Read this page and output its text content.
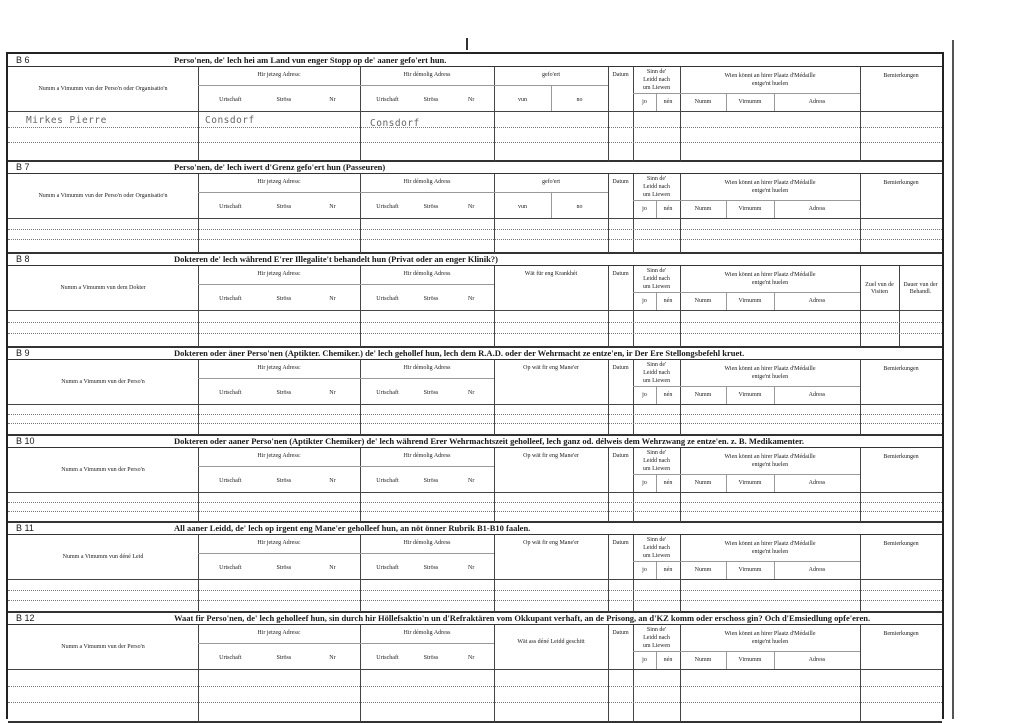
B 6	Perso'nen, de' lech hei am Land vun enger Stopp op de' aaner gefo'ert hun.
Numm a Vimumm vun der Perso'n oder Organisatio'n
Hir jetzeg Adress:	Hir démolig Adress
Urtschaft	Ströss	Nr	Urtschaft	Ströss	Nr
gefo'ert
vun	no
Datum	Sinn de'
Leidd nach
um Liewen
jo	nén
Wien könnt an hirer Plaatz d'Médaille
entge'nt huelen
Numm	Virnumm	Adress
Bemierkungen
Mirkes Pierre	Consdorf	Consdorf
B 7	Perso'nen, de' lech iwert d'Grenz gefo'ert hun (Passeuren)
Numm a Vimumm vun der Perso'n oder Organisatio'n
Hir jetzeg Adress:	Hir démolig Adress
Urtschaft	Ströss	Nr	Urtschaft	Ströss	Nr
gefo'ert
vun	no
Datum	Sinn de'
Leidd nach
um Liewen
jo	nén
Wien könnt an hirer Plaatz d'Médaille
entge'nt huelen
Numm	Virnumm	Adress
Bemierkungen
B 8	Dokteren de' lech während E'rer Illegalite't behandelt hun (Privat oder an enger Klinik?)
Numm a Vimumm vun dem Dokter
Hir jetzeg Adress:	Hir démolig Adress
Urtschaft	Ströss	Nr	Urtschaft	Ströss	Nr
Wät für eng Krankhét	Datum	Sinn de'
Leidd nach
um Liewen
jo	nén
Wien könnt an hirer Plaatz d'Médaille
entge'nt huelen
Numm	Virnumm	Adress
Zuel vun de Visiten
Dauer vun der Behandl.
B 9	Dokteren oder äner Perso'nen (Aptikter. Chemiker.) de' lech gehollef hun, lech dem R.A.D. oder der Wehrmacht ze entze'en, ir Der Ere Stellongsbefehl kruet.
Numm a Vimumm vun der Perso'n
Hir jetzeg Adress:	Hir démolig Adress
Urtschaft	Ströss	Nr	Urtschaft	Ströss	Nr
Op wät fir eng Mane'er	Datum	Sinn de'
Leidd nach
um Liewen
jo	nén
Wien könnt an hirer Plaatz d'Médaille
entge'nt huelen
Numm	Virnumm	Adress
Bemierkungen
B 10	Dokteren oder aaner Perso'nen (Aptikter Chemiker) de' lech während Erer Wehrmachtszeit geholleef, lech ganz od. délweis dem Wehrzwang ze entze'en. z. B. Medikamenter.
Numm a Vimumm vun der Perso'n
Hir jetzeg Adress:	Hir démolig Adress
Urtschaft	Ströss	Nr	Urtschaft	Ströss	Nr
Op wät fir eng Mane'er	Datum	Sinn de'
Leidd nach
um Liewen
jo	nén
Wien könnt an hirer Plaatz d'Médaille
entge'nt huelen
Numm	Virnumm	Adress
Bemierkungen
B 11	All aaner Leidd, de' lech op irgent eng Mane'er geholleef hun, an nöt önner Rubrik B1-B10 faalen.
Numm a Vimumm vun déné Leid
Hir jetzeg Adress:	Hir démolig Adress
Urtschaft	Ströss	Nr	Urtschaft	Ströss	Nr
Op wät fir eng Mane'er	Datum	Sinn de'
Leidd nach
um Liewen
jo	nén
Wien könnt an hirer Plaatz d'Médaille
entge'nt huelen
Numm	Virnumm	Adress
Bemierkungen
B 12	Waat fir Perso'nen, de' lech geholleef hun, sin durch hir Höllefsaktio'n un d'Refraktären vom Okkupant verhaft, an de Prisong, an d'KZ komm oder erschoss gin? Och d'Emsiedlung opfe'eren.
Numm a Vimumm vun der Perso'n
Hir jetzeg Adress:	Hir démolig Adress
Urtschaft	Ströss	Nr	Urtschaft	Ströss	Nr
Wät ass déné Leidd geschitt
Datum	Sinn de'
Leidd nach
um Liewen
jo	nén
Wien könnt an hirer Plaatz d'Médaille
entge'nt huelen
Numm	Virnumm	Adress
Bemierkungen
